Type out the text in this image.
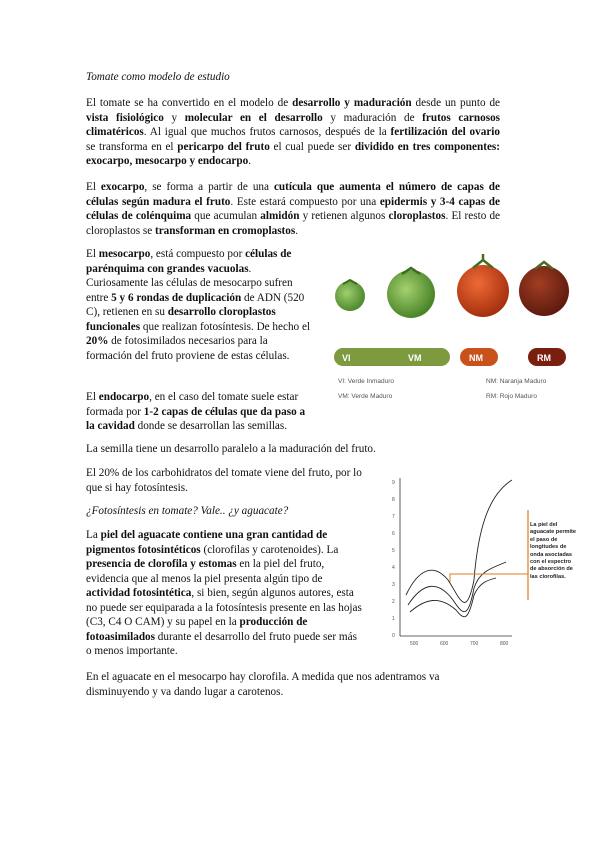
Tomate como modelo de estudio

El tomate se ha convertido en el modelo de desarrollo y maduración desde un punto de vista fisiológico y molecular en el desarrollo y maduración de frutos carnosos climatéricos. Al igual que muchos frutos carnosos, después de la fertilización del ovario se transforma en el pericarpo del fruto el cual puede ser dividido en tres componentes: exocarpo, mesocarpo y endocarpo.

El exocarpo, se forma a partir de una cutícula que aumenta el número de capas de células según madura el fruto. Este estará compuesto por una epidermis y 3-4 capas de células de colénquima que acumulan almidón y retienen algunos cloroplastos. El resto de cloroplastos se transforman en cromoplastos.

El mesocarpo, está compuesto por células de parénquima con grandes vacuolas. Curiosamente las células de mesocarpo sufren entre 5 y 6 rondas de duplicación de ADN (520 C), retienen en su desarrollo cloroplastos funcionales que realizan fotosíntesis. De hecho el 20% de fotosimilados necesarios para la formación del fruto proviene de estas células.	VI	VM	NM	RM
VI: Verde Inmaduro
VM: Verde Maduro
NM: Naranja Maduro
RM: Rojo Maduro

El endocarpo, en el caso del tomate suele estar formada por 1-2 capas de células que da paso a la cavidad donde se desarrollan las semillas.

La semilla tiene un desarrollo paralelo a la maduración del fruto.

El 20% de los carbohidratos del tomate viene del fruto, por lo que si hay fotosíntesis.

¿Fotosíntesis en tomate? Vale.. ¿y aguacate?

La piel del aguacate contiene una gran cantidad de pigmentos fotosintéticos (clorofilas y carotenoides). La presencia de clorofila y estomas en la piel del fruto, evidencia que al menos la piel presenta algún tipo de actividad fotosintética, si bien, según algunos autores, esta no puede ser equiparada a la fotosíntesis presente en las hojas (C3, C4 O CAM) y su papel en la producción de fotoasimilados durante el desarrollo del fruto puede ser más o menos importante.

9
8
7
6
5
4
3
2
1
0
500	600	700	800
La piel del aguacate permite el paso de longitudes de onda asociadas con el espectro de absorción de las clorofilas.

En el aguacate en el mesocarpo hay clorofila. A medida que nos adentramos va disminuyendo y va dando lugar a carotenos.
